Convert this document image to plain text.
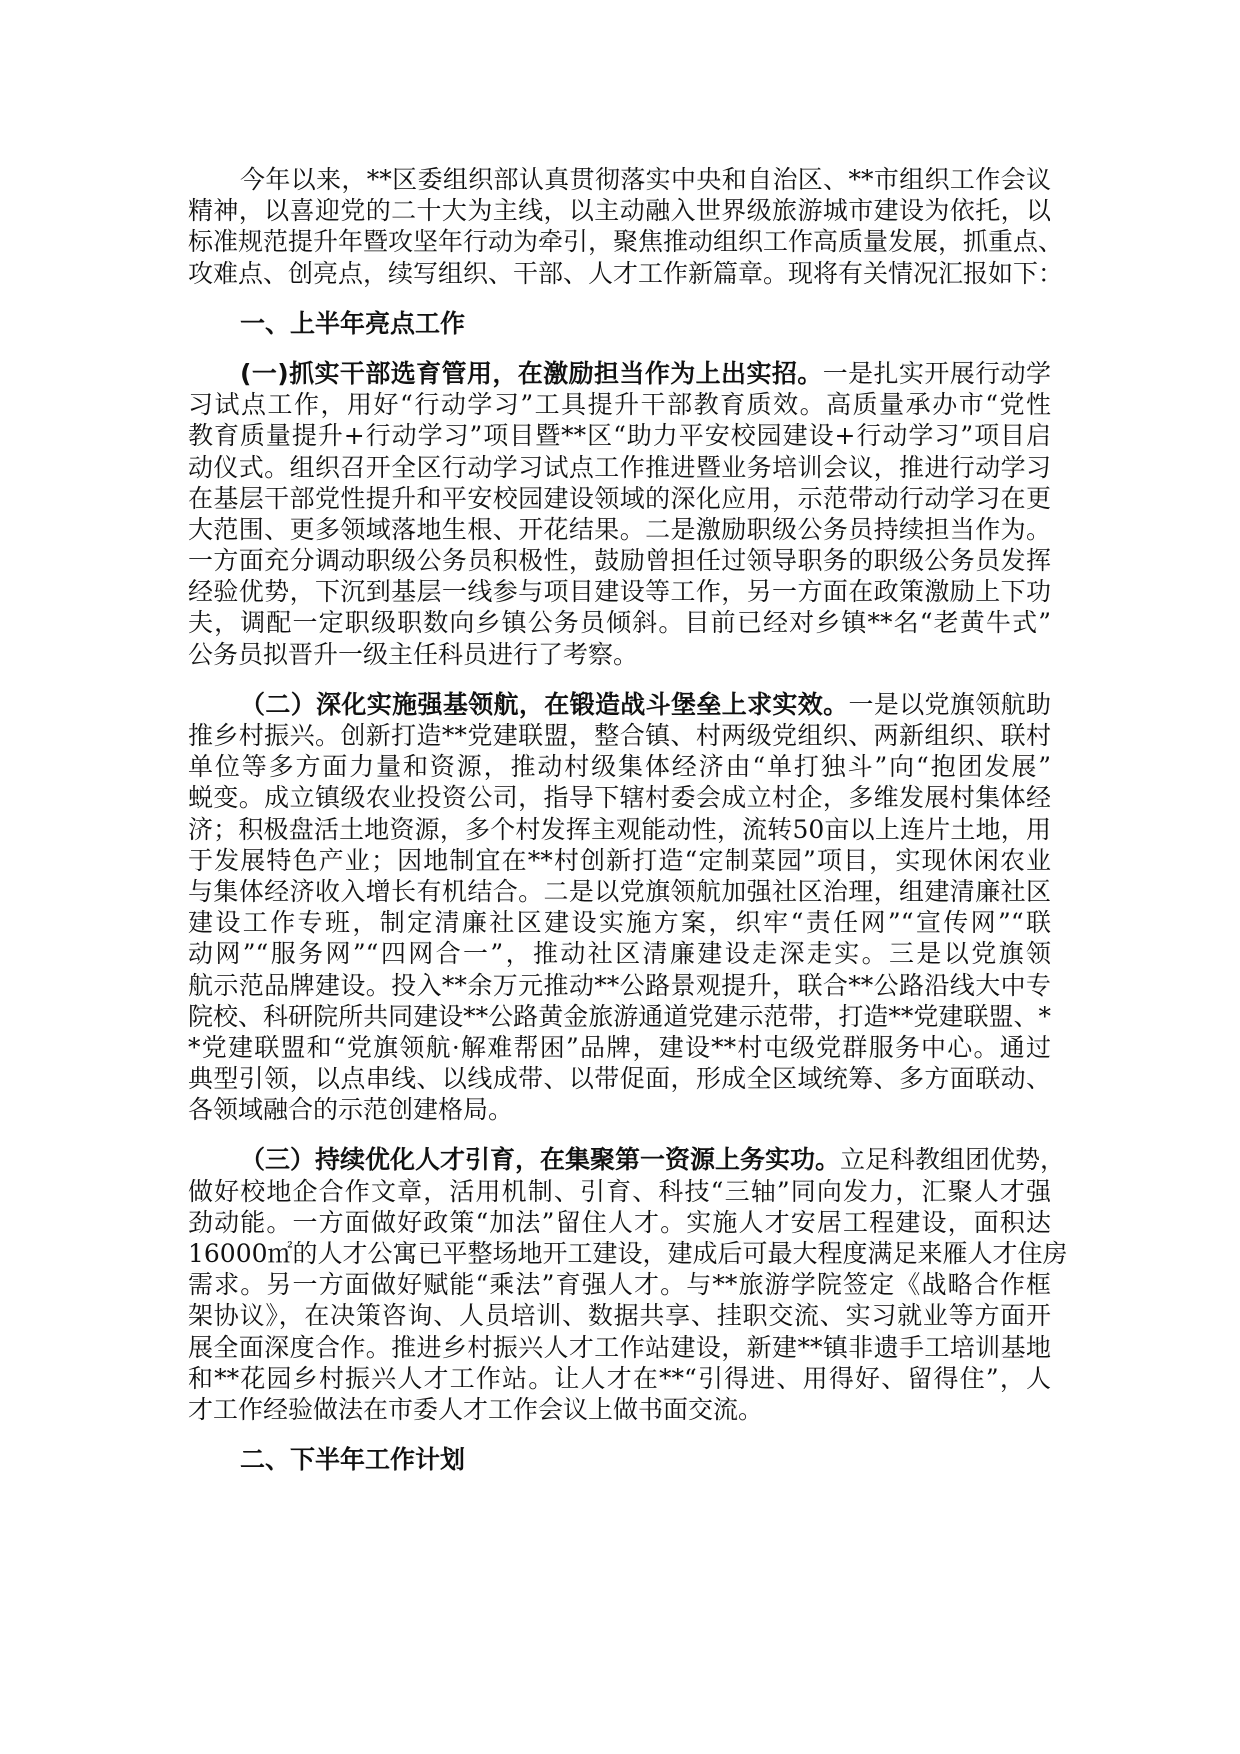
今年以来，**区委组织部认真贯彻落实中央和自治区、**市组织工作会议
精神，以喜迎党的二十大为主线，以主动融入世界级旅游城市建设为依托，以
标准规范提升年暨攻坚年行动为牵引，聚焦推动组织工作高质量发展，抓重点、
攻难点、创亮点，续写组织、干部、人才工作新篇章。现将有关情况汇报如下：
一、上半年亮点工作
(一)抓实干部选育管用，在激励担当作为上出实招。一是扎实开展行动学
习试点工作，用好“行动学习”工具提升干部教育质效。高质量承办市“党性
教育质量提升+行动学习”项目暨**区“助力平安校园建设+行动学习”项目启
动仪式。组织召开全区行动学习试点工作推进暨业务培训会议，推进行动学习
在基层干部党性提升和平安校园建设领域的深化应用，示范带动行动学习在更
大范围、更多领域落地生根、开花结果。二是激励职级公务员持续担当作为。
一方面充分调动职级公务员积极性，鼓励曾担任过领导职务的职级公务员发挥
经验优势，下沉到基层一线参与项目建设等工作，另一方面在政策激励上下功
夫，调配一定职级职数向乡镇公务员倾斜。目前已经对乡镇**名“老黄牛式”
公务员拟晋升一级主任科员进行了考察。
（二）深化实施强基领航，在锻造战斗堡垒上求实效。一是以党旗领航助
推乡村振兴。创新打造**党建联盟，整合镇、村两级党组织、两新组织、联村
单位等多方面力量和资源，推动村级集体经济由“单打独斗”向“抱团发展”
蜕变。成立镇级农业投资公司，指导下辖村委会成立村企，多维发展村集体经
济；积极盘活土地资源，多个村发挥主观能动性，流转50亩以上连片土地，用
于发展特色产业；因地制宜在**村创新打造“定制菜园”项目，实现休闲农业
与集体经济收入增长有机结合。二是以党旗领航加强社区治理，组建清廉社区
建设工作专班，制定清廉社区建设实施方案，织牢“责任网”“宣传网”“联
动网”“服务网”“四网合一”，推动社区清廉建设走深走实。三是以党旗领
航示范品牌建设。投入**余万元推动**公路景观提升，联合**公路沿线大中专
院校、科研院所共同建设**公路黄金旅游通道党建示范带，打造**党建联盟、*
*党建联盟和“党旗领航·解难帮困”品牌，建设**村屯级党群服务中心。通过
典型引领，以点串线、以线成带、以带促面，形成全区域统筹、多方面联动、
各领域融合的示范创建格局。
（三）持续优化人才引育，在集聚第一资源上务实功。立足科教组团优势，
做好校地企合作文章，活用机制、引育、科技“三轴”同向发力，汇聚人才强
劲动能。一方面做好政策“加法”留住人才。实施人才安居工程建设，面积达
16000㎡的人才公寓已平整场地开工建设，建成后可最大程度满足来雁人才住房
需求。另一方面做好赋能“乘法”育强人才。与**旅游学院签定《战略合作框
架协议》，在决策咨询、人员培训、数据共享、挂职交流、实习就业等方面开
展全面深度合作。推进乡村振兴人才工作站建设，新建**镇非遗手工培训基地
和**花园乡村振兴人才工作站。让人才在**“引得进、用得好、留得住”，人
才工作经验做法在市委人才工作会议上做书面交流。
二、下半年工作计划
